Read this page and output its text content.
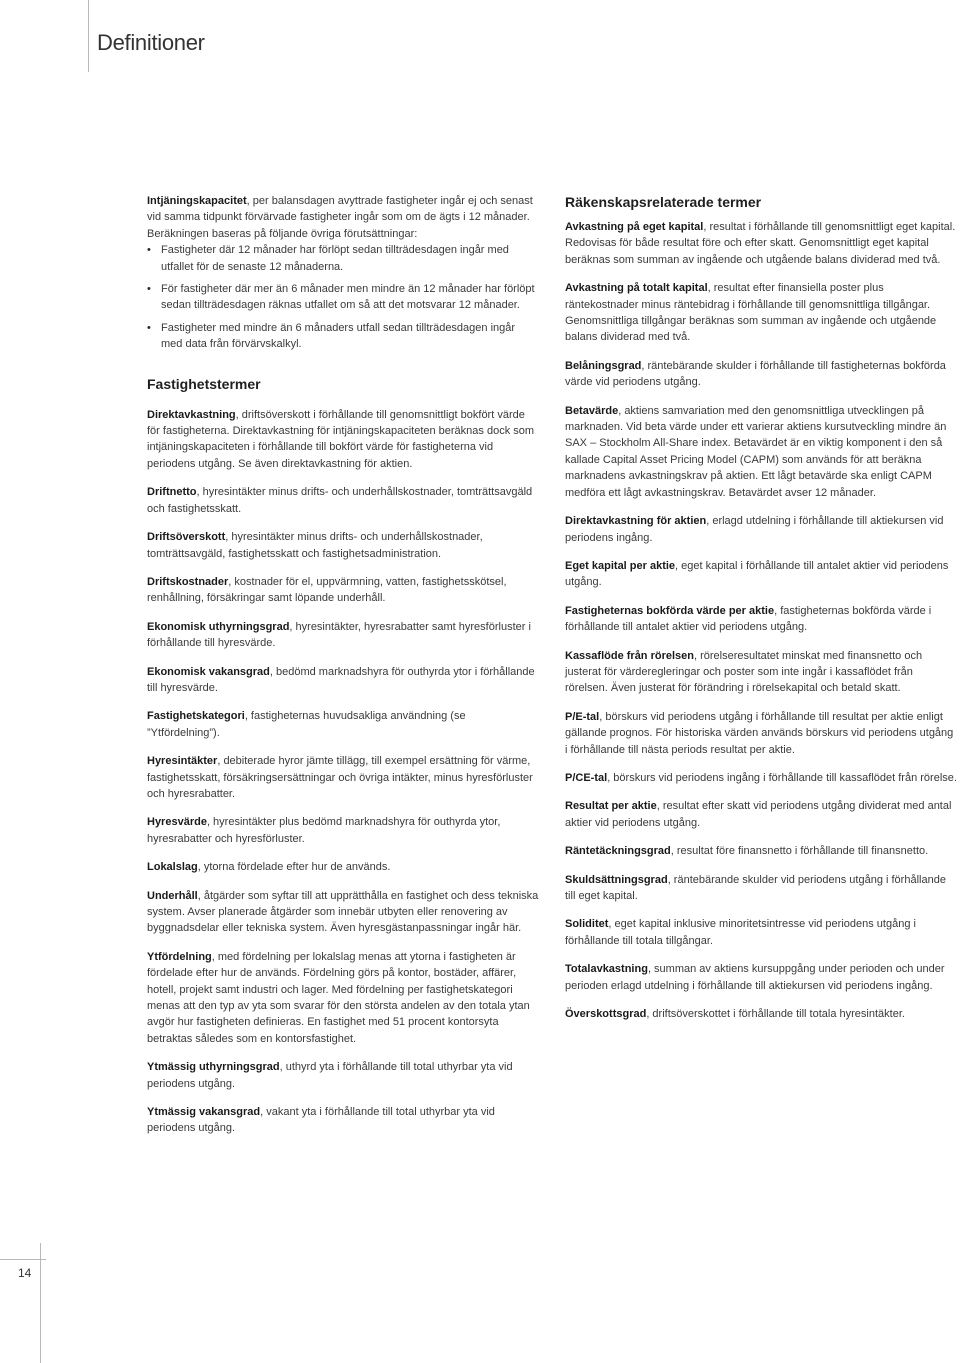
Definitioner
14

Intjäningskapacitet, per balansdagen avyttrade fastigheter ingår ej och senast vid samma tidpunkt förvärvade fastigheter ingår som om de ägts i 12 månader. Beräkningen baseras på följande övriga förutsättningar:

• Fastigheter där 12 månader har förlöpt sedan tillträdesdagen ingår med utfallet för de senaste 12 månaderna.
• För fastigheter där mer än 6 månader men mindre än 12 månader har förlöpt sedan tillträdesdagen räknas utfallet om så att det motsvarar 12 månader.
• Fastigheter med mindre än 6 månaders utfall sedan tillträdesdagen ingår med data från förvärvskalkyl.
Fastighetstermer

Direktavkastning, driftsöverskott i förhållande till genomsnittligt bokfört värde för fastigheterna. Direktavkastning för intjäningskapaciteten beräknas dock som intjäningskapaciteten i förhållande till bokfört värde för fastigheterna vid periodens utgång. Se även direktavkastning för aktien.

Driftnetto, hyresintäkter minus drifts- och underhållskostnader, tomträttsavgäld och fastighetsskatt.

Driftsöverskott, hyresintäkter minus drifts- och underhållskostnader, tomträttsavgäld, fastighetsskatt och fastighetsadministration.

Driftskostnader, kostnader för el, uppvärmning, vatten, fastighetsskötsel, renhållning, försäkringar samt löpande underhåll.

Ekonomisk uthyrningsgrad, hyresintäkter, hyresrabatter samt hyresförluster i förhållande till hyresvärde.

Ekonomisk vakansgrad, bedömd marknadshyra för outhyrda ytor i förhållande till hyresvärde.

Fastighetskategori, fastigheternas huvudsakliga användning (se ”Ytfördelning”).

Hyresintäkter, debiterade hyror jämte tillägg, till exempel ersättning för värme, fastighetsskatt, försäkringsersättningar och övriga intäkter, minus hyresförluster och hyresrabatter.

Hyresvärde, hyresintäkter plus bedömd marknadshyra för outhyrda ytor, hyresrabatter och hyresförluster.

Lokalslag, ytorna fördelade efter hur de används.

Underhåll, åtgärder som syftar till att upprätthålla en fastighet och dess tekniska system. Avser planerade åtgärder som innebär utbyten eller renovering av byggnadsdelar eller tekniska system. Även hyresgästanpassningar ingår här.

Ytfördelning, med fördelning per lokalslag menas att ytorna i fastigheten är fördelade efter hur de används. Fördelning görs på kontor, bostäder, affärer, hotell, projekt samt industri och lager. Med fördelning per fastighetskategori menas att den typ av yta som svarar för den största andelen av den totala ytan avgör hur fastigheten definieras. En fastighet med 51 procent kontorsyta betraktas således som en kontorsfastighet.

Ytmässig uthyrningsgrad, uthyrd yta i förhållande till total uthyrbar yta vid periodens utgång.

Ytmässig vakansgrad, vakant yta i förhållande till total uthyrbar yta vid periodens utgång.

Räkenskapsrelaterade termer

Avkastning på eget kapital, resultat i förhållande till genomsnittligt eget kapital. Redovisas för både resultat före och efter skatt. Genomsnittligt eget kapital beräknas som summan av ingående och utgående balans dividerad med två.

Avkastning på totalt kapital, resultat efter finansiella poster plus räntekostnader minus räntebidrag i förhållande till genomsnittliga tillgångar. Genomsnittliga tillgångar beräknas som summan av ingående och utgående balans dividerad med två.

Belåningsgrad, räntebärande skulder i förhållande till fastigheternas bokförda värde vid periodens utgång.

Betavärde, aktiens samvariation med den genomsnittliga utvecklingen på marknaden. Vid beta värde under ett varierar aktiens kursutveckling mindre än SAX – Stockholm All-Share index. Betavärdet är en viktig komponent i den så kallade Capital Asset Pricing Model (CAPM) som används för att beräkna marknadens avkastningskrav på aktien. Ett lågt betavärde ska enligt CAPM medföra ett lågt avkastningskrav. Betavärdet avser 12 månader.

Direktavkastning för aktien, erlagd utdelning i förhållande till aktiekursen vid periodens ingång.

Eget kapital per aktie, eget kapital i förhållande till antalet aktier vid periodens utgång.

Fastigheternas bokförda värde per aktie, fastigheternas bokförda värde i förhållande till antalet aktier vid periodens utgång.

Kassaflöde från rörelsen, rörelseresultatet minskat med finansnetto och justerat för värderegleringar och poster som inte ingår i kassaflödet från rörelsen. Även justerat för förändring i rörelsekapital och betald skatt.

P/E-tal, börskurs vid periodens utgång i förhållande till resultat per aktie enligt gällande prognos. För historiska värden används börskurs vid periodens utgång i förhållande till nästa periods resultat per aktie.

P/CE-tal, börskurs vid periodens ingång i förhållande till kassaflödet från rörelse.

Resultat per aktie, resultat efter skatt vid periodens utgång dividerat med antal aktier vid periodens utgång.

Räntetäckningsgrad, resultat före finansnetto i förhållande till finansnetto.

Skuldsättningsgrad, räntebärande skulder vid periodens utgång i förhållande till eget kapital.

Soliditet, eget kapital inklusive minoritetsintresse vid periodens utgång i förhållande till totala tillgångar.

Totalavkastning, summan av aktiens kursuppgång under perioden och under perioden erlagd utdelning i förhållande till aktiekursen vid periodens ingång.

Överskottsgrad, driftsöverskottet i förhållande till totala hyresintäkter.
